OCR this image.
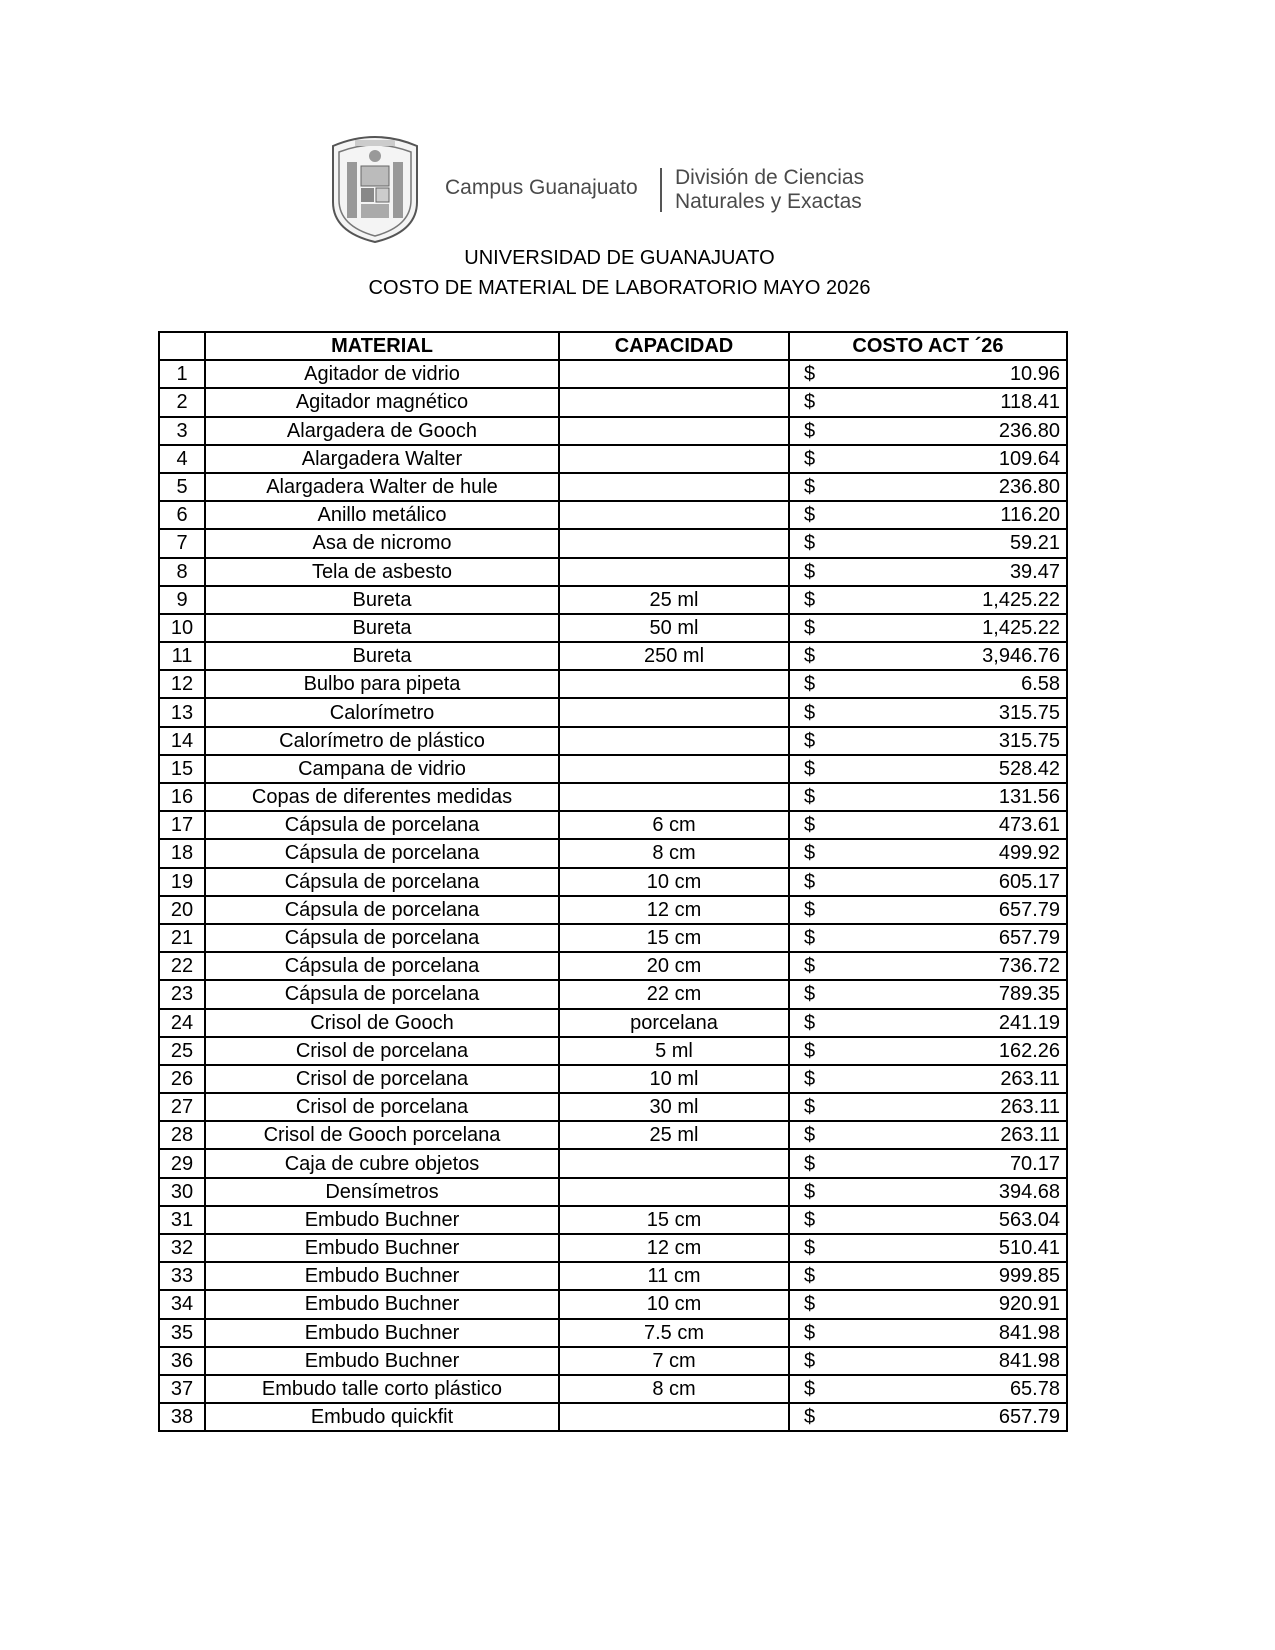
Campus Guanajuato División de Ciencias
Naturales y Exactas
UNIVERSIDAD DE GUANAJUATO
COSTO DE MATERIAL DE LABORATORIO MAYO 2026
	MATERIAL	CAPACIDAD	COSTO ACT ´26
1	Agitador de vidrio		$ 10.96

2	Agitador magnético		$ 118.41

3	Alargadera de Gooch		$ 236.80

4	Alargadera Walter		$ 109.64

5	Alargadera Walter de hule		$ 236.80

6	Anillo metálico		$ 116.20

7	Asa de nicromo		$ 59.21

8	Tela de asbesto		$ 39.47

9	Bureta	25 ml	$ 1,425.22

10	Bureta	50 ml	$ 1,425.22

11	Bureta	250 ml	$ 3,946.76

12	Bulbo para pipeta		$ 6.58

13	Calorímetro		$ 315.75

14	Calorímetro de plástico		$ 315.75

15	Campana de vidrio		$ 528.42

16	Copas de diferentes medidas		$ 131.56

17	Cápsula de porcelana	6 cm	$ 473.61

18	Cápsula de porcelana	8 cm	$ 499.92

19	Cápsula de porcelana	10 cm	$ 605.17

20	Cápsula de porcelana	12 cm	$ 657.79

21	Cápsula de porcelana	15 cm	$ 657.79

22	Cápsula de porcelana	20 cm	$ 736.72

23	Cápsula de porcelana	22 cm	$ 789.35

24	Crisol de Gooch	porcelana	$ 241.19

25	Crisol de porcelana	5 ml	$ 162.26

26	Crisol de porcelana	10 ml	$ 263.11

27	Crisol de porcelana	30 ml	$ 263.11

28	Crisol de Gooch porcelana	25 ml	$ 263.11

29	Caja de cubre objetos		$ 70.17

30	Densímetros		$ 394.68

31	Embudo Buchner	15 cm	$ 563.04

32	Embudo Buchner	12 cm	$ 510.41

33	Embudo Buchner	11 cm	$ 999.85

34	Embudo Buchner	10 cm	$ 920.91

35	Embudo Buchner	7.5 cm	$ 841.98

36	Embudo Buchner	7 cm	$ 841.98

37	Embudo talle corto plástico	8 cm	$ 65.78

38	Embudo quickfit		$ 657.79
